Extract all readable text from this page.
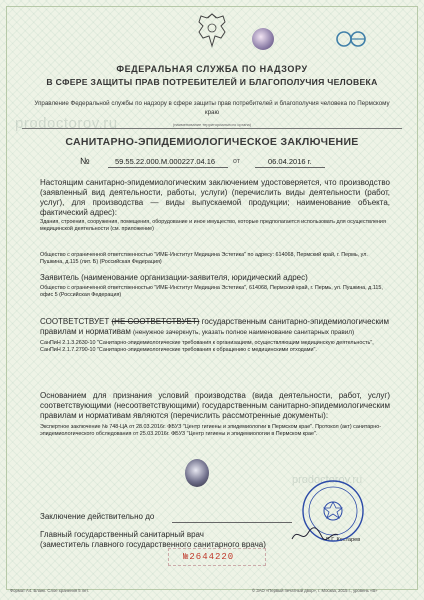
ФЕДЕРАЛЬНАЯ СЛУЖБА ПО НАДЗОРУ
В СФЕРЕ ЗАЩИТЫ ПРАВ ПОТРЕБИТЕЛЕЙ И БЛАГОПОЛУЧИЯ ЧЕЛОВЕКА
Управление Федеральной службы по надзору в сфере защиты прав потребителей и благополучия человека по Пермскому краю
(наименование территориального органа)
prodoctorov.ru
САНИТАРНО-ЭПИДЕМИОЛОГИЧЕСКОЕ ЗАКЛЮЧЕНИЕ
№	59.55.22.000.М.000227.04.16	от	06.04.2016 г.
Настоящим санитарно-эпидемиологическим заключением удостоверяется, что производство (заявленный вид деятельности, работы, услуги) (перечислить виды деятельности (работ, услуг), для производства — виды выпускаемой продукции; наименование объекта, фактический адрес):
Здания, строения, сооружения, помещения, оборудование и иное имущество, которые предполагается использовать для осуществления медицинской деятельности (см. приложение)
Общество с ограниченной ответственностью "ИМЕ-Институт Медицина Эстетика" по адресу: 614068, Пермский край, г. Пермь, ул. Пушкина, д.115 (лит. Б) (Российская Федерация)
Заявитель (наименование организации-заявителя, юридический адрес)
Общество с ограниченной ответственностью "ИМЕ-Институт Медицина Эстетика", 614068, Пермский край, г. Пермь, ул. Пушкина, д.115, офис 5 (Российская Федерация)
СООТВЕТСТВУЕТ (НЕ СООТВЕТСТВУЕТ) государственным санитарно-эпидемиологическим правилам и нормативам (ненужное зачеркнуть, указать полное наименование санитарных правил)
СанПиН 2.1.3.2630-10 "Санитарно-эпидемиологические требования к организациям, осуществляющим медицинскую деятельность", СанПиН 2.1.7.2790-10 "Санитарно-эпидемиологические требования к обращению с медицинскими отходами".
Основанием для признания условий производства (вида деятельности, работ, услуг) соответствующими (несоответствующими) государственным санитарно-эпидемиологическим правилам и нормативам являются (перечислить рассмотренные документы):
Экспертное заключение № 748-ЦА от 28.03.2016г. ФБУЗ "Центр гигиены и эпидемиологии в Пермском крае". Протокол (акт) санитарно-эпидемиологического обследования от 25.03.2016г. ФБУЗ "Центр гигиены и эпидемиологии в Пермском крае".
prodoctorov.ru
Заключение действительно до
Главный государственный санитарный врач
(заместитель главного государственного санитарного врача)	В.Г. Костарев
№2644220
Формат А4. Бланк. Слое хранения 5 лет.	© ЗАО «Первый печатный двор», г. Москва, 2015 г., уровень «В»
